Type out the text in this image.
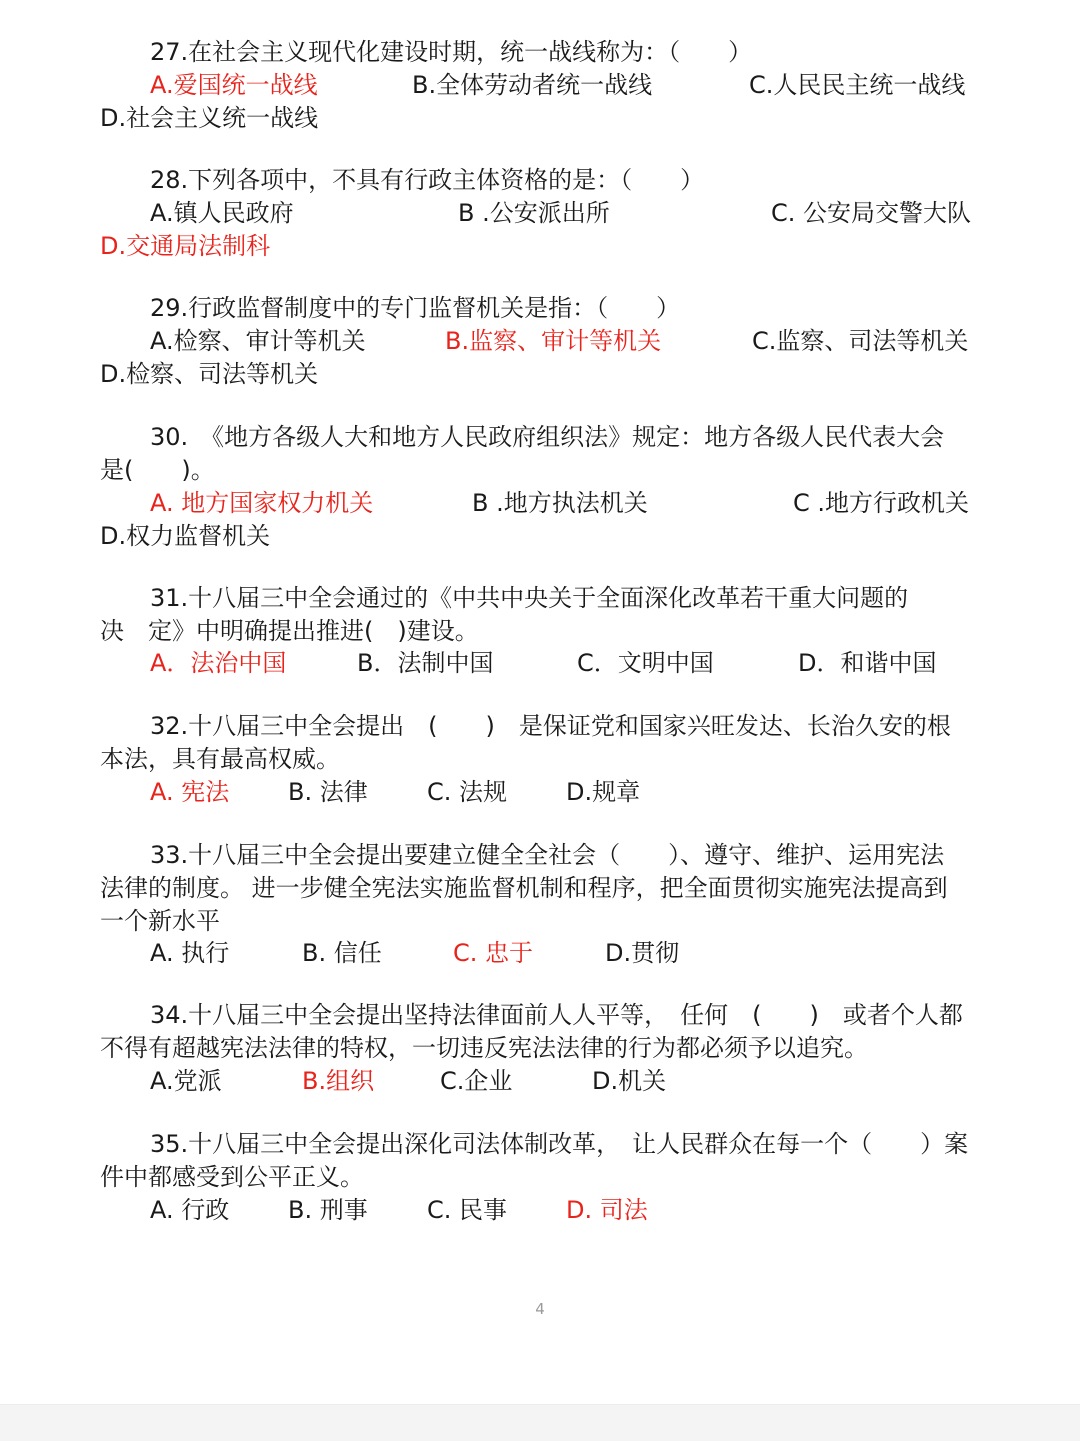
27.在社会主义现代化建设时期，统一战线称为：（　　）
A.爱国统一战线	B.全体劳动者统一战线	C.人民民主统一战线
D.社会主义统一战线
28.下列各项中，不具有行政主体资格的是：（　　）
A.镇人民政府	B .公安派出所	C. 公安局交警大队
D.交通局法制科
29.行政监督制度中的专门监督机关是指：（　　）
A.检察、审计等机关	B.监察、审计等机关	C.监察、司法等机关
D.检察、司法等机关
30.　《地方各级人大和地方人民政府组织法》规定：地方各级人民代表大会
是(　　)。
A. 地方国家权力机关	B .地方执法机关	C .地方行政机关
D.权力监督机关
31.十八届三中全会通过的《中共中央关于全面深化改革若干重大问题的
决　定》中明确提出推进(　)建设。
A．法治中国	B．法制中国	C．文明中国	D．和谐中国
32.十八届三中全会提出　(　　)　是保证党和国家兴旺发达、长治久安的根
本法，具有最高权威。
A. 宪法 B. 法律 C. 法规 D.规章
33.十八届三中全会提出要建立健全全社会（　　）、遵守、维护、运用宪法
法律的制度。 进一步健全宪法实施监督机制和程序，把全面贯彻实施宪法提高到
一个新水平
A. 执行	B. 信任	C. 忠于	D.贯彻
34.十八届三中全会提出坚持法律面前人人平等，　任何　(　　)　或者个人都
不得有超越宪法法律的特权，一切违反宪法法律的行为都必须予以追究。
A.党派	B.组织	C.企业	D.机关
35.十八届三中全会提出深化司法体制改革，　让人民群众在每一个（　　）案
件中都感受到公平正义。
A. 行政 B. 刑事 C. 民事 D. 司法
4
